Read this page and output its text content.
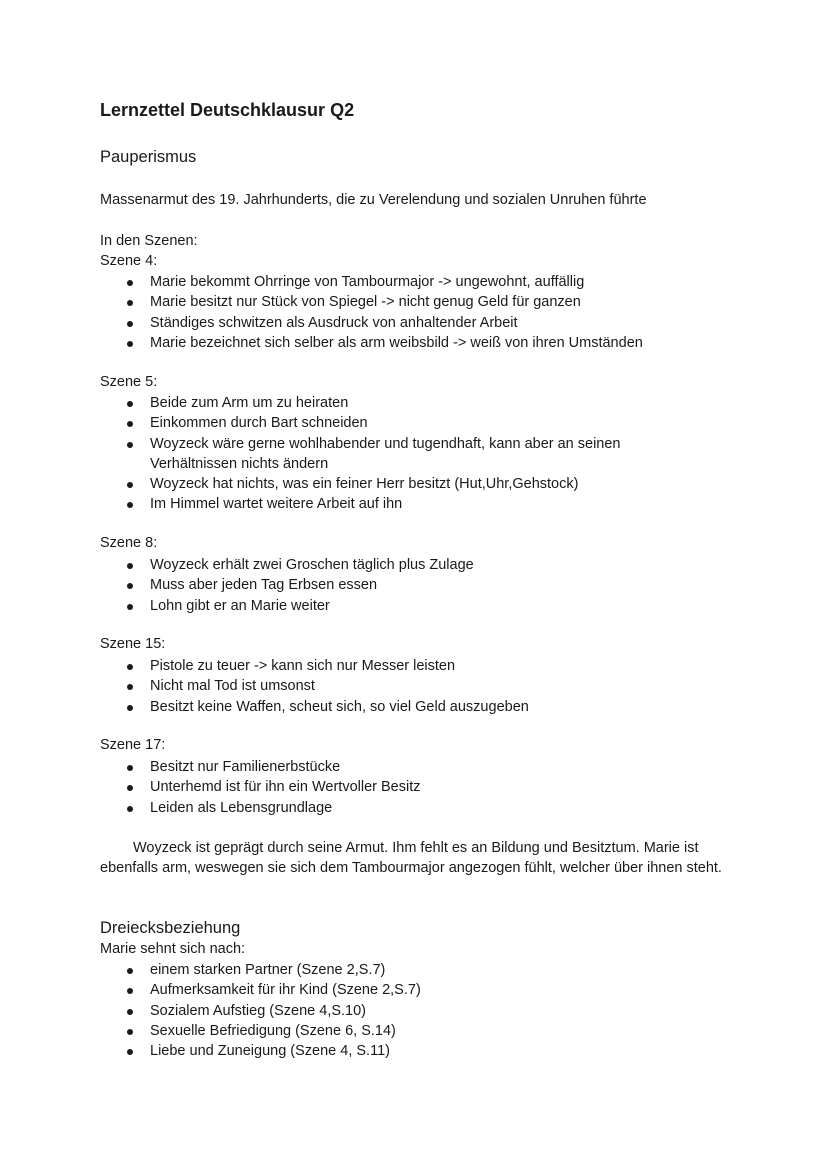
Lernzettel Deutschklausur Q2
Pauperismus
Massenarmut des 19. Jahrhunderts, die zu Verelendung und sozialen Unruhen führte
In den Szenen:
Szene 4:
Marie bekommt Ohrringe von Tambourmajor -> ungewohnt, auffällig
Marie besitzt nur Stück von Spiegel -> nicht genug Geld für ganzen
Ständiges schwitzen als Ausdruck von anhaltender Arbeit
Marie bezeichnet sich selber als arm weibsbild -> weiß von ihren Umständen
Szene 5:
Beide zum Arm um zu heiraten
Einkommen durch Bart schneiden
Woyzeck wäre gerne wohlhabender und tugendhaft, kann aber an seinen
Verhältnissen nichts ändern
Woyzeck hat nichts, was ein feiner Herr besitzt (Hut,Uhr,Gehstock)
Im Himmel wartet weitere Arbeit auf ihn
Szene 8:
Woyzeck erhält zwei Groschen täglich plus Zulage
Muss aber jeden Tag Erbsen essen
Lohn gibt er an Marie weiter
Szene 15:
Pistole zu teuer -> kann sich nur Messer leisten
Nicht mal Tod ist umsonst
Besitzt keine Waffen, scheut sich, so viel Geld auszugeben
Szene 17:
Besitzt nur Familienerbstücke
Unterhemd ist für ihn ein Wertvoller Besitz
Leiden als Lebensgrundlage
Woyzeck ist geprägt durch seine Armut. Ihm fehlt es an Bildung und Besitztum. Marie ist ebenfalls arm, weswegen sie sich dem Tambourmajor angezogen fühlt, welcher über ihnen steht.
Dreiecksbeziehung
Marie sehnt sich nach:
einem starken Partner (Szene 2,S.7)
Aufmerksamkeit für ihr Kind (Szene 2,S.7)
Sozialem Aufstieg (Szene 4,S.10)
Sexuelle Befriedigung (Szene 6, S.14)
Liebe und Zuneigung (Szene 4, S.11)
